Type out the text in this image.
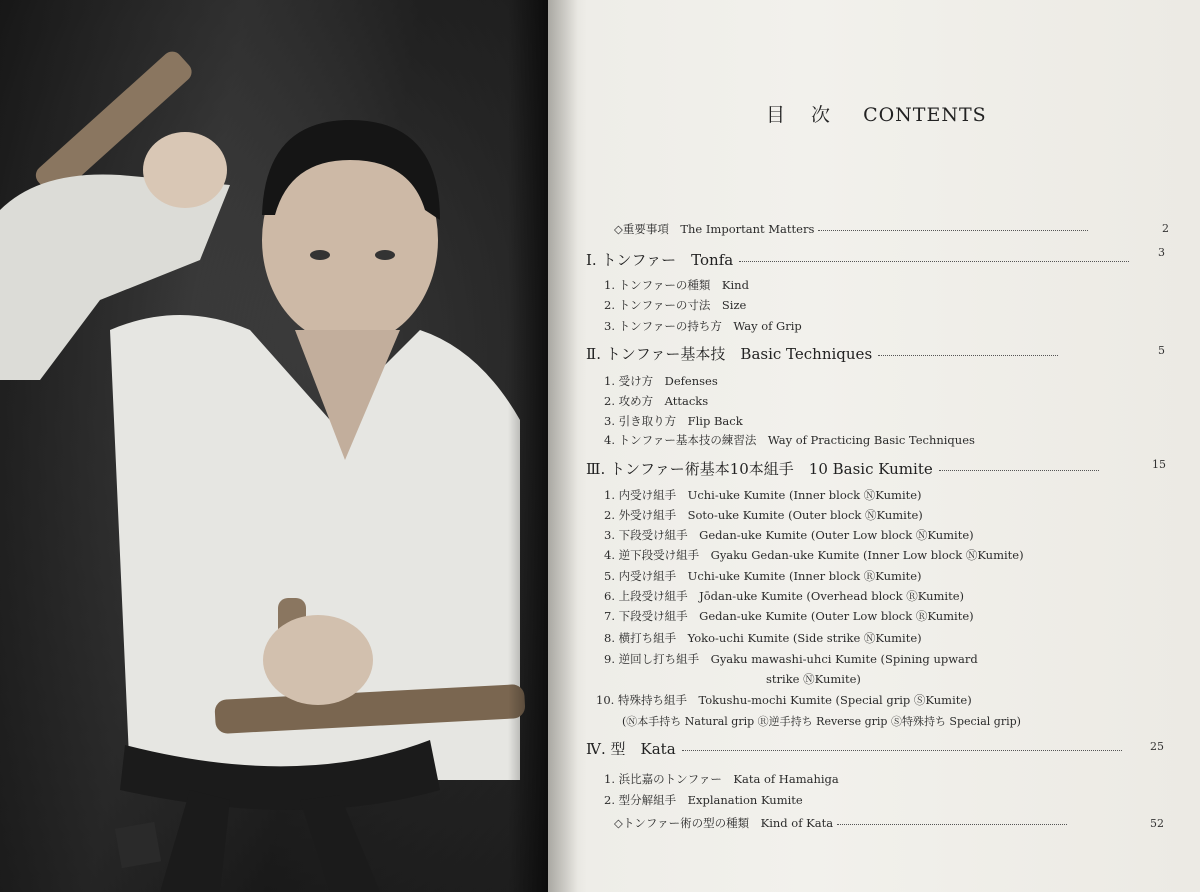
目次 CONTENTS
◇重要事項　The Important Matters	2
Ⅰ. トンファー　Tonfa	3
1. トンファーの種類　Kind
2. トンファーの寸法　Size
3. トンファーの持ち方　Way of Grip
Ⅱ. トンファー基本技　Basic Techniques	5
1. 受け方　Defenses
2. 攻め方　Attacks
3. 引き取り方　Flip Back
4. トンファー基本技の練習法　Way of Practicing Basic Techniques
Ⅲ. トンファー術基本10本組手　10 Basic Kumite	15
1. 内受け組手　Uchi-uke Kumite (Inner block ⓃKumite)
2. 外受け組手　Soto-uke Kumite (Outer block ⓃKumite)
3. 下段受け組手　Gedan-uke Kumite (Outer Low block ⓃKumite)
4. 逆下段受け組手　Gyaku Gedan-uke Kumite (Inner Low block ⓃKumite)
5. 内受け組手　Uchi-uke Kumite (Inner block ⓇKumite)
6. 上段受け組手　Jōdan-uke Kumite (Overhead block ⓇKumite)
7. 下段受け組手　Gedan-uke Kumite (Outer Low block ⓇKumite)
8. 横打ち組手　Yoko-uchi Kumite (Side strike ⓃKumite)
9. 逆回し打ち組手　Gyaku mawashi-uhci Kumite (Spining upward
strike ⓃKumite)
10. 特殊持ち組手　Tokushu-mochi Kumite (Special grip ⓈKumite)
(Ⓝ本手持ち Natural grip Ⓡ逆手持ち Reverse grip Ⓢ特殊持ち Special grip)
Ⅳ. 型　Kata	25
1. 浜比嘉のトンファー　Kata of Hamahiga
2. 型分解組手　Explanation Kumite
◇トンファー術の型の種類　Kind of Kata	52
